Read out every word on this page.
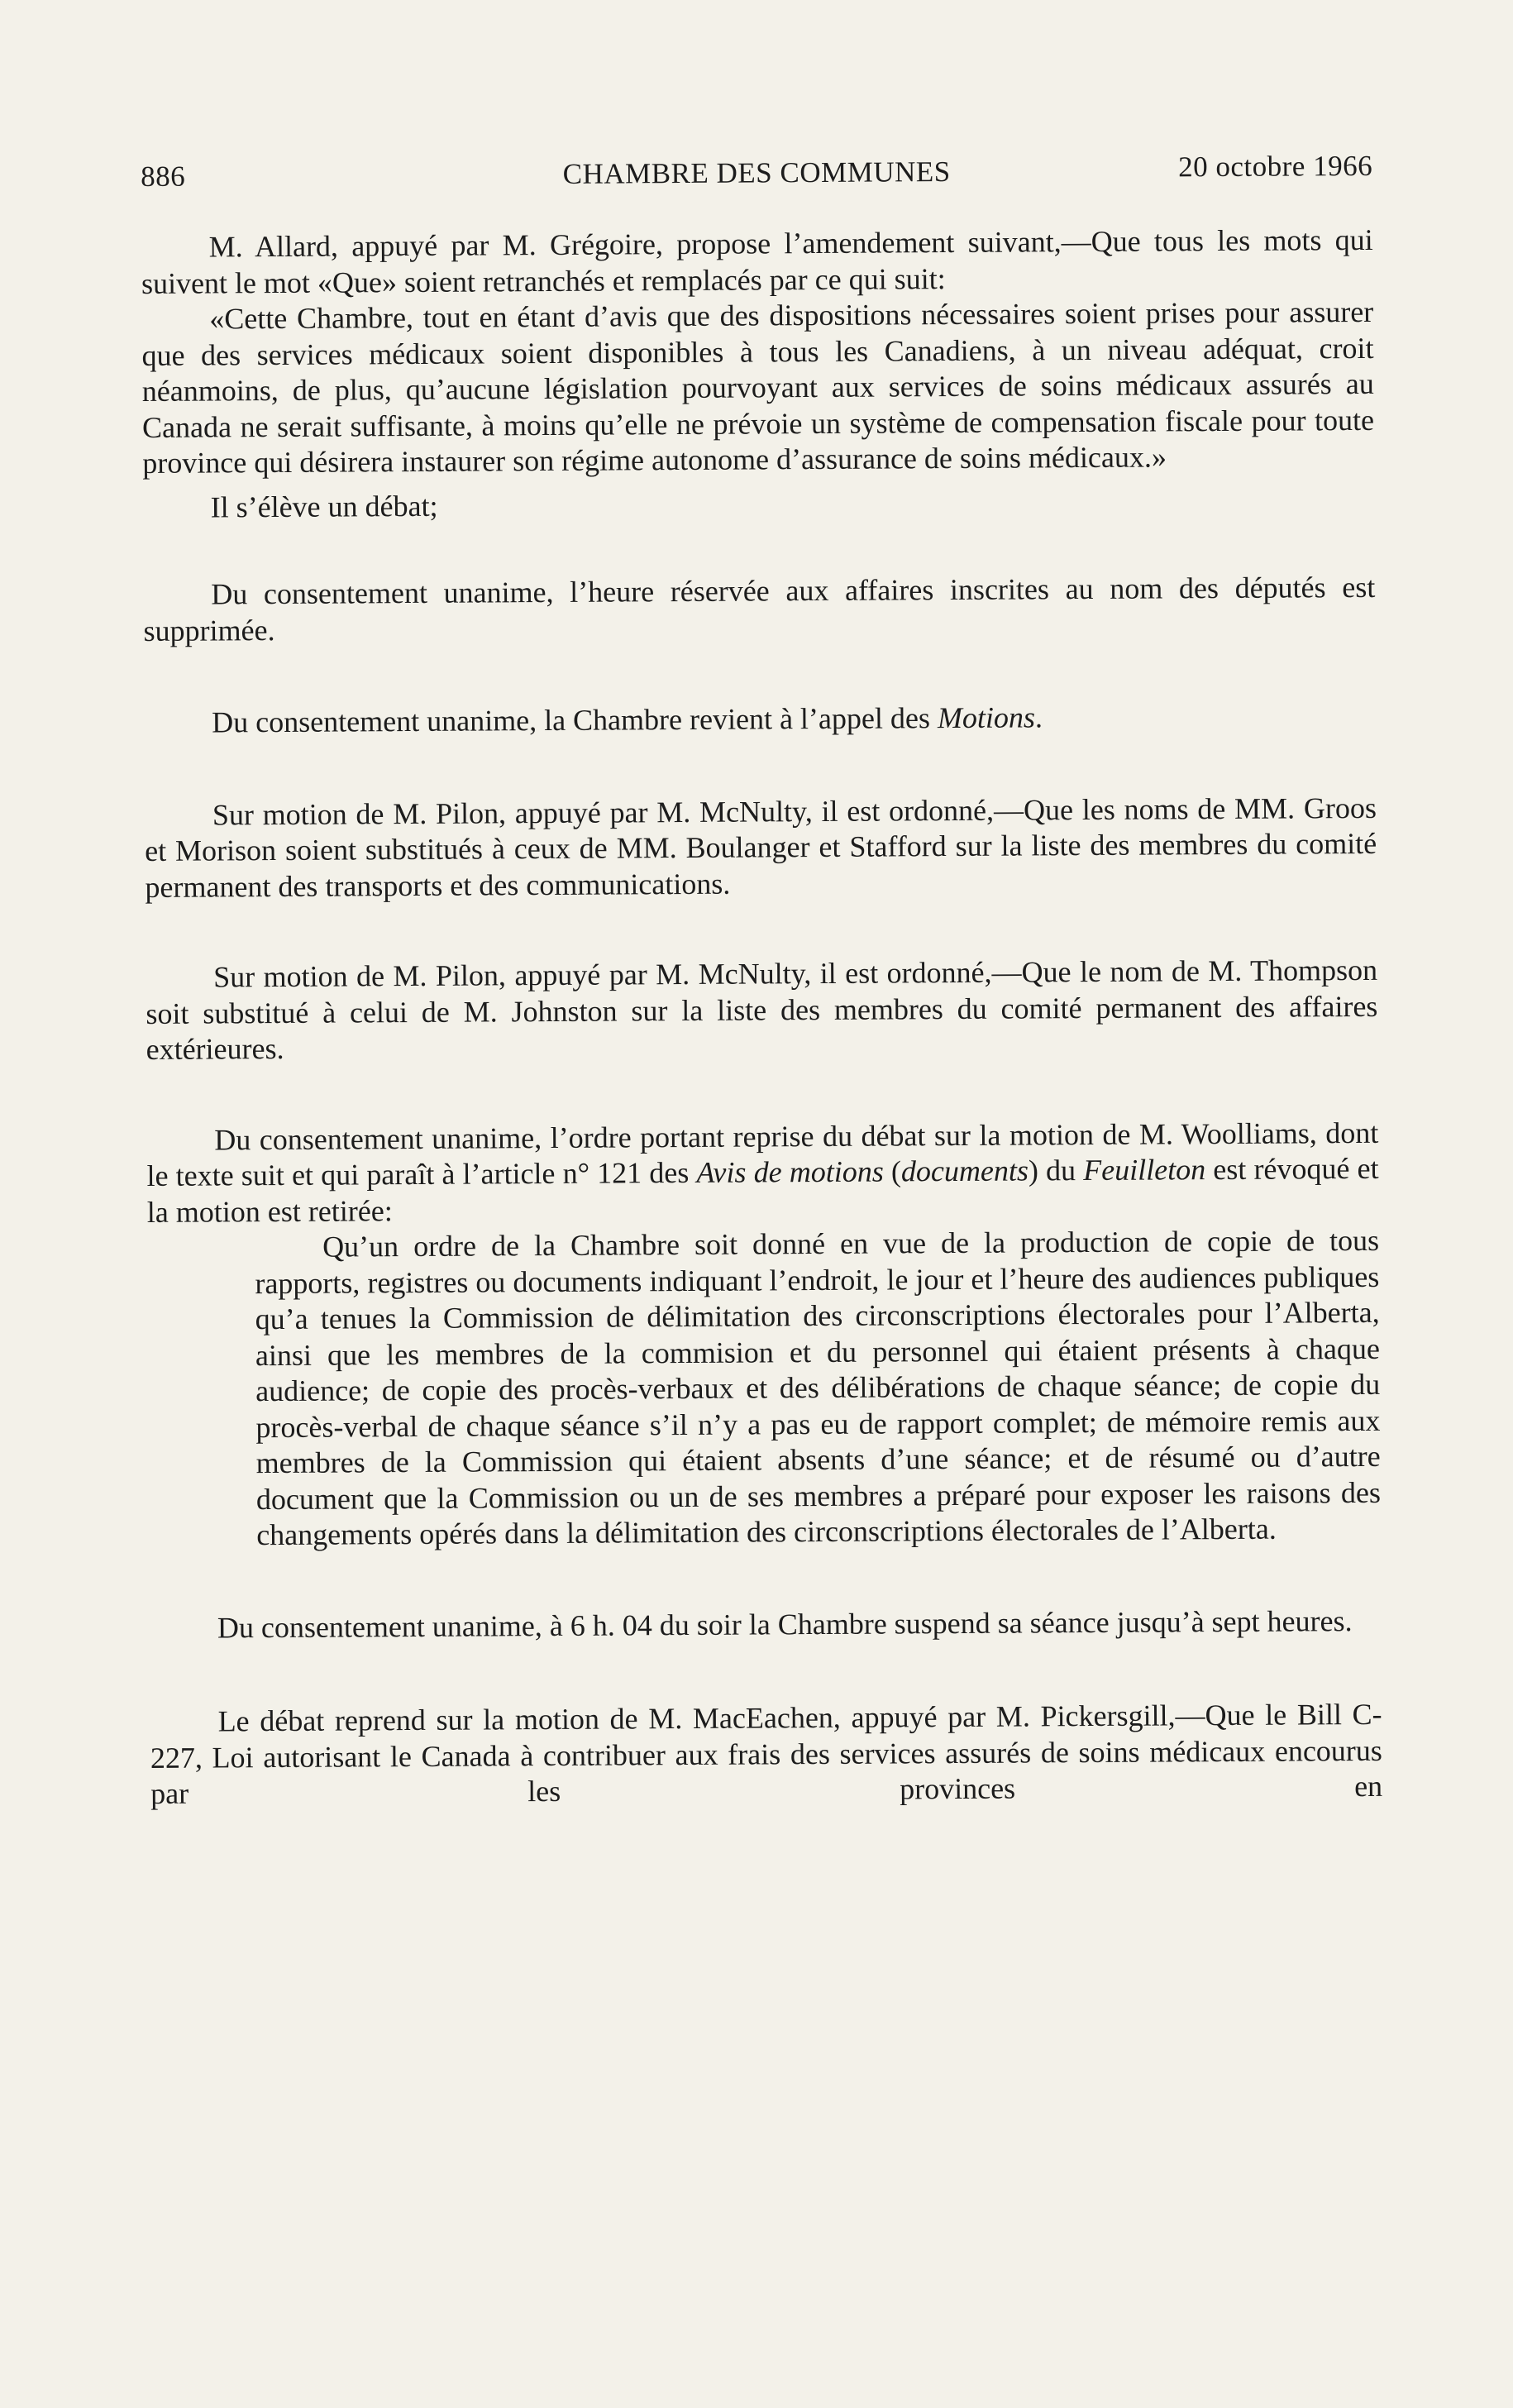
886	CHAMBRE DES COMMUNES	20 octobre 1966

M. Allard, appuyé par M. Grégoire, propose l’amendement suivant,—Que tous les mots qui suivent le mot «Que» soient retranchés et remplacés par ce qui suit:

«Cette Chambre, tout en étant d’avis que des dispositions nécessaires soient prises pour assurer que des services médicaux soient disponibles à tous les Canadiens, à un niveau adéquat, croit néanmoins, de plus, qu’aucune législation pourvoyant aux services de soins médicaux assurés au Canada ne serait suffisante, à moins qu’elle ne prévoie un système de compensation fiscale pour toute province qui désirera instaurer son régime autonome d’assurance de soins médicaux.»

Il s’élève un débat;

Du consentement unanime, l’heure réservée aux affaires inscrites au nom des députés est supprimée.

Du consentement unanime, la Chambre revient à l’appel des Motions.

Sur motion de M. Pilon, appuyé par M. McNulty, il est ordonné,—Que les noms de MM. Groos et Morison soient substitués à ceux de MM. Boulanger et Stafford sur la liste des membres du comité permanent des transports et des communications.

Sur motion de M. Pilon, appuyé par M. McNulty, il est ordonné,—Que le nom de M. Thompson soit substitué à celui de M. Johnston sur la liste des membres du comité permanent des affaires extérieures.

Du consentement unanime, l’ordre portant reprise du débat sur la motion de M. Woolliams, dont le texte suit et qui paraît à l’article n° 121 des Avis de motions (documents) du Feuilleton est révoqué et la motion est retirée:

Qu’un ordre de la Chambre soit donné en vue de la production de copie de tous rapports, registres ou documents indiquant l’endroit, le jour et l’heure des audiences publiques qu’a tenues la Commission de délimitation des circonscriptions électorales pour l’Alberta, ainsi que les membres de la commision et du personnel qui étaient présents à chaque audience; de copie des procès-verbaux et des délibérations de chaque séance; de copie du procès-verbal de chaque séance s’il n’y a pas eu de rapport complet; de mémoire remis aux membres de la Commission qui étaient absents d’une séance; et de résumé ou d’autre document que la Commission ou un de ses membres a préparé pour exposer les raisons des changements opérés dans la délimitation des circonscriptions électorales de l’Alberta.

Du consentement unanime, à 6 h. 04 du soir la Chambre suspend sa séance jusqu’à sept heures.

Le débat reprend sur la motion de M. MacEachen, appuyé par M. Pickersgill,—Que le Bill C-227, Loi autorisant le Canada à contribuer aux frais des services assurés de soins médicaux encourus par les provinces en
